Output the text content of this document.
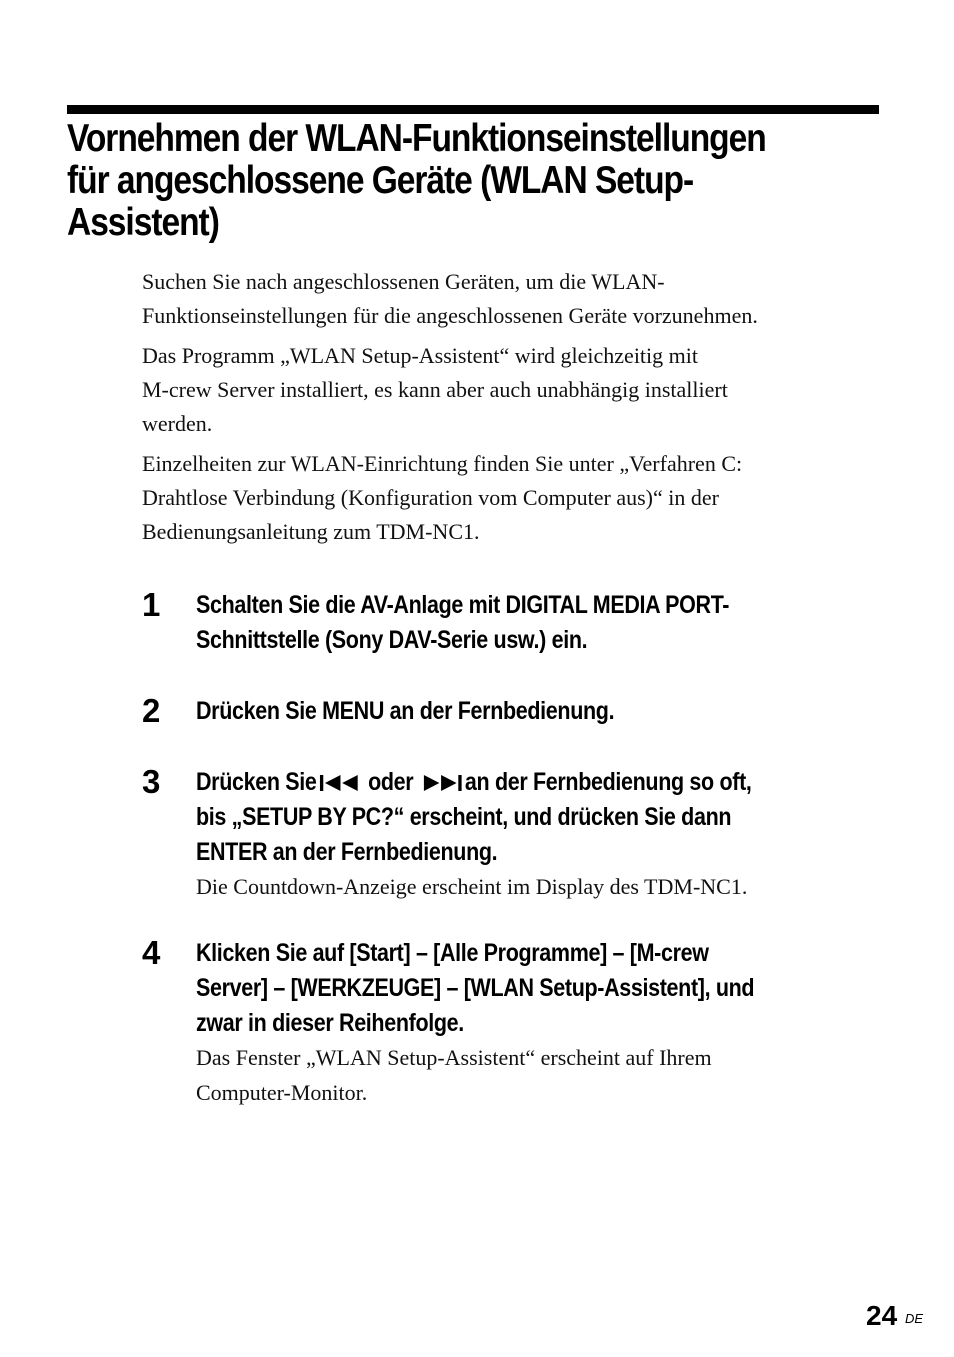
Vornehmen der WLAN-Funktionseinstellungen
für angeschlossene Geräte (WLAN Setup-
Assistent)
Suchen Sie nach angeschlossenen Geräten, um die WLAN-
Funktionseinstellungen für die angeschlossenen Geräte vorzunehmen.
Das Programm „WLAN Setup-Assistent“ wird gleichzeitig mit
M-crew Server installiert, es kann aber auch unabhängig installiert
werden.
Einzelheiten zur WLAN-Einrichtung finden Sie unter „Verfahren C:
Drahtlose Verbindung (Konfiguration vom Computer aus)“ in der
Bedienungsanleitung zum TDM-NC1.
1 Schalten Sie die AV-Anlage mit DIGITAL MEDIA PORT-
Schnittstelle (Sony DAV-Serie usw.) ein.
2 Drücken Sie MENU an der Fernbedienung.
3 Drücken Sie oder an der Fernbedienung so oft,
bis „SETUP BY PC?“ erscheint, und drücken Sie dann
ENTER an der Fernbedienung.
Die Countdown-Anzeige erscheint im Display des TDM-NC1.
4 Klicken Sie auf [Start] – [Alle Programme] – [M-crew
Server] – [WERKZEUGE] – [WLAN Setup-Assistent], und
zwar in dieser Reihenfolge.
Das Fenster „WLAN Setup-Assistent“ erscheint auf Ihrem
Computer-Monitor.
24 DE
